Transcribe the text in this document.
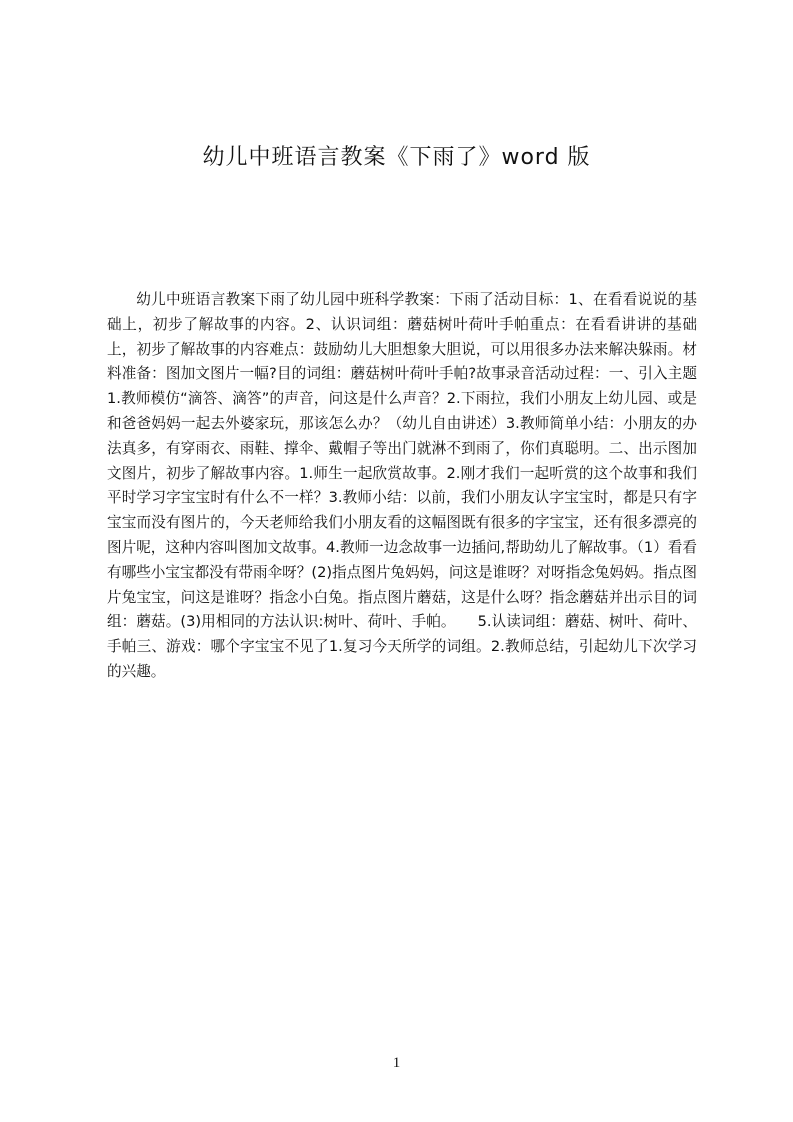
幼儿中班语言教案《下雨了》word 版
幼儿中班语言教案下雨了幼儿园中班科学教案：下雨了活动目标：1、在看看说说的基础上，初步了解故事的内容。2、认识词组：蘑菇树叶荷叶手帕重点：在看看讲讲的基础上，初步了解故事的内容难点：鼓励幼儿大胆想象大胆说，可以用很多办法来解决躲雨。材料准备：图加文图片一幅?目的词组：蘑菇树叶荷叶手帕?故事录音活动过程：一、引入主题1.教师模仿“滴答、滴答”的声音，问这是什么声音？2.下雨拉，我们小朋友上幼儿园、或是和爸爸妈妈一起去外婆家玩，那该怎么办？（幼儿自由讲述）3.教师简单小结：小朋友的办法真多，有穿雨衣、雨鞋、撑伞、戴帽子等出门就淋不到雨了，你们真聪明。二、出示图加文图片，初步了解故事内容。1.师生一起欣赏故事。2.刚才我们一起听赏的这个故事和我们平时学习字宝宝时有什么不一样？3.教师小结：以前，我们小朋友认字宝宝时，都是只有字宝宝而没有图片的，今天老师给我们小朋友看的这幅图既有很多的字宝宝，还有很多漂亮的图片呢，这种内容叫图加文故事。4.教师一边念故事一边插问,帮助幼儿了解故事。（1）看看有哪些小宝宝都没有带雨伞呀？(2)指点图片兔妈妈，问这是谁呀？对呀指念兔妈妈。指点图片兔宝宝，问这是谁呀？指念小白兔。指点图片蘑菇，这是什么呀？指念蘑菇并出示目的词组：蘑菇。(3)用相同的方法认识:树叶、荷叶、手帕。　　5.认读词组：蘑菇、树叶、荷叶、手帕三、游戏：哪个字宝宝不见了1.复习今天所学的词组。2.教师总结，引起幼儿下次学习的兴趣。
1
